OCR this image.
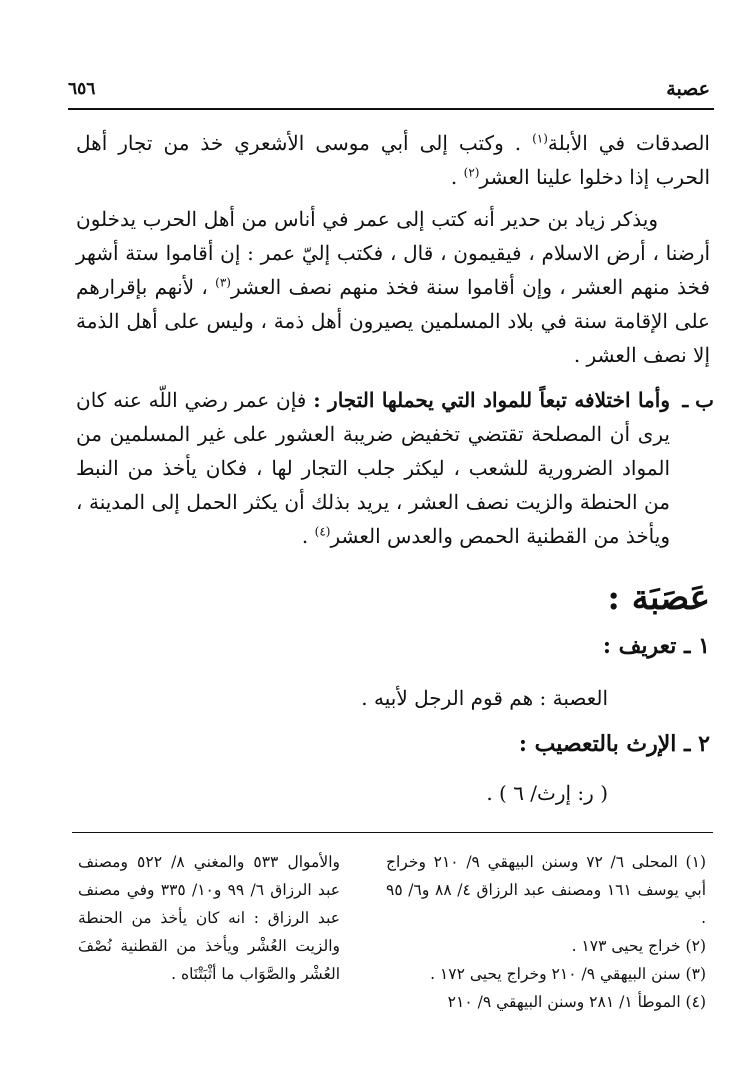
عصبة
٦٥٦
الصدقات في الأبلة$^{(١)}$ . وكتب إلى أبي موسى الأشعري خذ من تجار أهل الحرب إذا دخلوا علينا العشر$^{(٢)}$ .
ويذكر زياد بن حدير أنه كتب إلى عمر في أناس من أهل الحرب يدخلون أرضنا ، أرض الاسلام ، فيقيمون ، قال ، فكتب إليّ عمر : إن أقاموا ستة أشهر فخذ منهم العشر ، وإن أقاموا سنة فخذ منهم نصف العشر$^{(٣)}$ ، لأنهم بإقرارهم على الإقامة سنة في بلاد المسلمين يصيرون أهل ذمة ، وليس على أهل الذمة إلا نصف العشر .
ب ـ
وأما اختلافه تبعاً للمواد التي يحملها التجار : فإن عمر رضي اللّه عنه كان يرى أن المصلحة تقتضي تخفيض ضريبة العشور على غير المسلمين من المواد الضرورية للشعب ، ليكثر جلب التجار لها ، فكان يأخذ من النبط من الحنطة والزيت نصف العشر ، يريد بذلك أن يكثر الحمل إلى المدينة ، ويأخذ من القطنية الحمص والعدس العشر$^{(٤)}$ .
عَصَبَة :
١ ـ تعريف :
العصبة : هم قوم الرجل لأبيه .
٢ ـ الإرث بالتعصيب :
( ر: إرث/ ٦ ) .
(١) المحلى ٦/ ٧٢ وسنن البيهقي ٩/ ٢١٠ وخراج أبي يوسف ١٦١ ومصنف عبد الرزاق ٤/ ٨٨ و٦/ ٩٥ .
(٢) خراج يحيى ١٧٣ .
(٣) سنن البيهقي ٩/ ٢١٠ وخراج يحيى ١٧٢ .
(٤) الموطأ ١/ ٢٨١ وسنن البيهقي ٩/ ٢١٠
والأموال ٥٣٣ والمغني ٨/ ٥٢٢ ومصنف عبد الرزاق ٦/ ٩٩ و١٠/ ٣٣٥ وفي مصنف عبد الرزاق : انه كان يأخذ من الحنطة والزيت العُشْر ويأخذ من القطنية نُصْفَ العُشْر والصَّوَاب ما أثْبَتْنَاه .
